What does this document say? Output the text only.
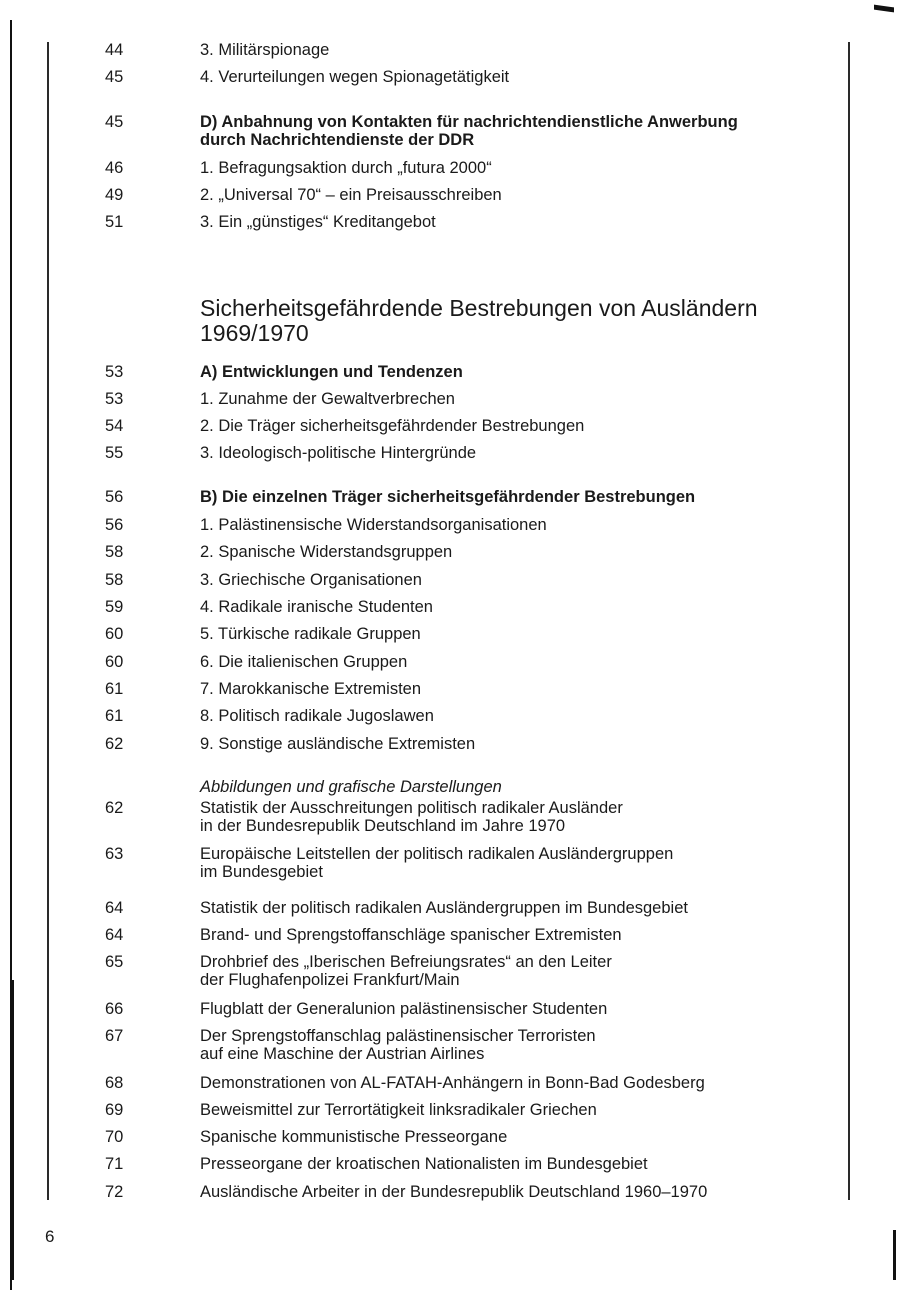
44	3. Militärspionage
45	4. Verurteilungen wegen Spionagetätigkeit
45	D) Anbahnung von Kontakten für nachrichtendienstliche Anwerbung
durch Nachrichtendienste der DDR
46	1. Befragungsaktion durch „futura 2000“
49	2. „Universal 70“ – ein Preisausschreiben
51	3. Ein „günstiges“ Kreditangebot
53	A) Entwicklungen und Tendenzen
53	1. Zunahme der Gewaltverbrechen
54	2. Die Träger sicherheitsgefährdender Bestrebungen
55	3. Ideologisch-politische Hintergründe
56	B) Die einzelnen Träger sicherheitsgefährdender Bestrebungen
56	1. Palästinensische Widerstandsorganisationen
58	2. Spanische Widerstandsgruppen
58	3. Griechische Organisationen
59	4. Radikale iranische Studenten
60	5. Türkische radikale Gruppen
60	6. Die italienischen Gruppen
61	7. Marokkanische Extremisten
61	8. Politisch radikale Jugoslawen
62	9. Sonstige ausländische Extremisten
62	Statistik der Ausschreitungen politisch radikaler Ausländer
in der Bundesrepublik Deutschland im Jahre 1970
63	Europäische Leitstellen der politisch radikalen Ausländergruppen
im Bundesgebiet
64	Statistik der politisch radikalen Ausländergruppen im Bundesgebiet
64	Brand- und Sprengstoffanschläge spanischer Extremisten
65	Drohbrief des „Iberischen Befreiungsrates“ an den Leiter
der Flughafenpolizei Frankfurt/Main
66	Flugblatt der Generalunion palästinensischer Studenten
67	Der Sprengstoffanschlag palästinensischer Terroristen
auf eine Maschine der Austrian Airlines
68	Demonstrationen von AL-FATAH-Anhängern in Bonn-Bad Godesberg
69	Beweismittel zur Terrortätigkeit linksradikaler Griechen
70	Spanische kommunistische Presseorgane
71	Presseorgane der kroatischen Nationalisten im Bundesgebiet
72	Ausländische Arbeiter in der Bundesrepublik Deutschland 1960–1970
Sicherheitsgefährdende Bestrebungen von Ausländern
1969/1970
Abbildungen und grafische Darstellungen
6
